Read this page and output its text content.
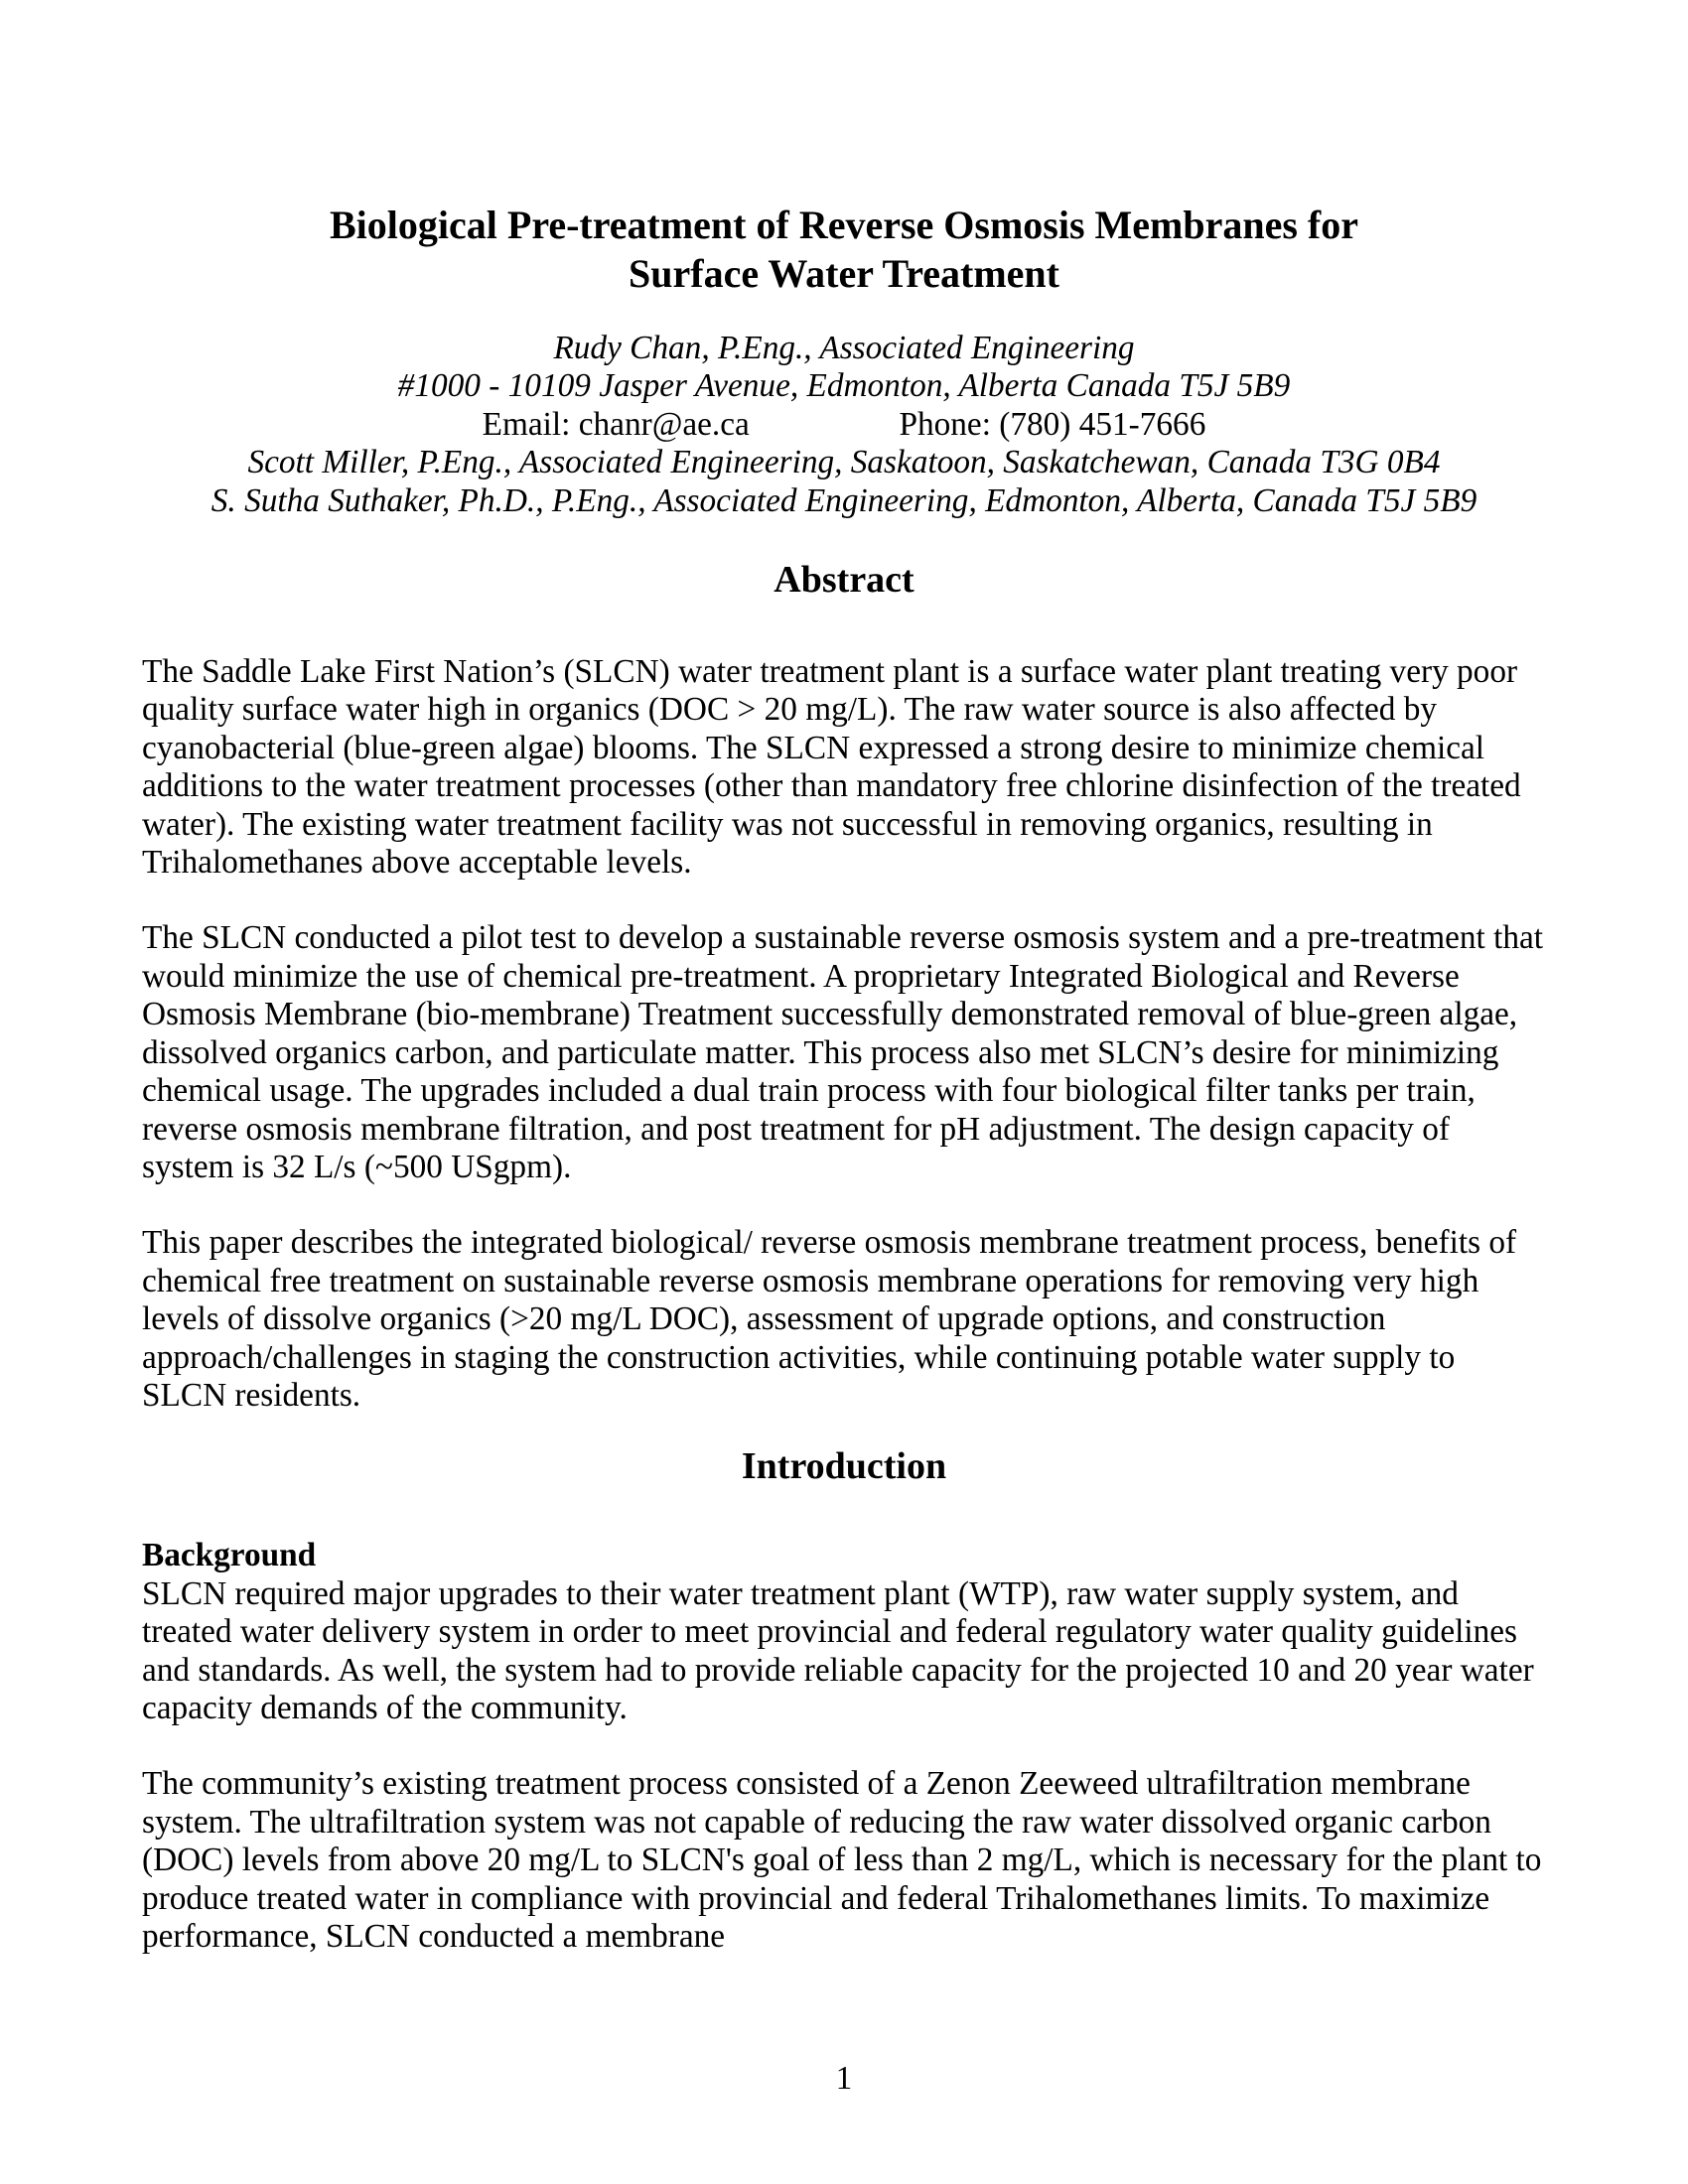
Biological Pre-treatment of Reverse Osmosis Membranes for
Surface Water Treatment
Rudy Chan, P.Eng., Associated Engineering
#1000 - 10109 Jasper Avenue, Edmonton, Alberta Canada T5J 5B9
Email: chanr@ae.ca	Phone: (780) 451-7666
Scott Miller, P.Eng., Associated Engineering, Saskatoon, Saskatchewan, Canada T3G 0B4
S. Sutha Suthaker, Ph.D., P.Eng., Associated Engineering, Edmonton, Alberta, Canada T5J 5B9
Abstract

The Saddle Lake First Nation’s (SLCN) water treatment plant is a surface water plant treating very poor quality surface water high in organics (DOC > 20 mg/L). The raw water source is also affected by cyanobacterial (blue-green algae) blooms. The SLCN expressed a strong desire to minimize chemical additions to the water treatment processes (other than mandatory free chlorine disinfection of the treated water). The existing water treatment facility was not successful in removing organics, resulting in Trihalomethanes above acceptable levels.

The SLCN conducted a pilot test to develop a sustainable reverse osmosis system and a pre-treatment that would minimize the use of chemical pre-treatment. A proprietary Integrated Biological and Reverse Osmosis Membrane (bio-membrane) Treatment successfully demonstrated removal of blue-green algae, dissolved organics carbon, and particulate matter. This process also met SLCN’s desire for minimizing chemical usage. The upgrades included a dual train process with four biological filter tanks per train, reverse osmosis membrane filtration, and post treatment for pH adjustment. The design capacity of system is 32 L/s (~500 USgpm).

This paper describes the integrated biological/ reverse osmosis membrane treatment process, benefits of chemical free treatment on sustainable reverse osmosis membrane operations for removing very high levels of dissolve organics (>20 mg/L DOC), assessment of upgrade options, and construction approach/challenges in staging the construction activities, while continuing potable water supply to SLCN residents.

Introduction
Background

SLCN required major upgrades to their water treatment plant (WTP), raw water supply system, and treated water delivery system in order to meet provincial and federal regulatory water quality guidelines and standards. As well, the system had to provide reliable capacity for the projected 10 and 20 year water capacity demands of the community.

The community’s existing treatment process consisted of a Zenon Zeeweed ultrafiltration membrane system. The ultrafiltration system was not capable of reducing the raw water dissolved organic carbon (DOC) levels from above 20 mg/L to SLCN's goal of less than 2 mg/L, which is necessary for the plant to produce treated water in compliance with provincial and federal Trihalomethanes limits. To maximize performance, SLCN conducted a membrane

1
